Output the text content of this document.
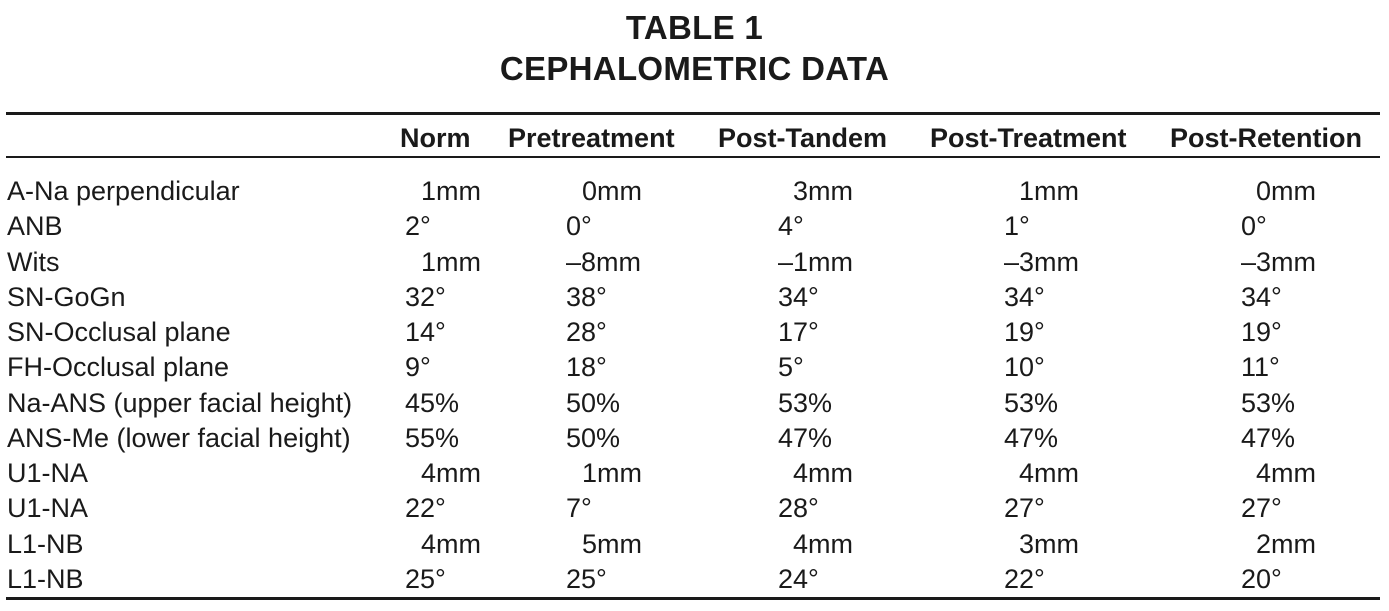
TABLE 1
CEPHALOMETRIC DATA
Norm Pretreatment Post-Tandem Post-Treatment Post-Retention
A-Na perpendicular	1mm	0mm	3mm	1mm	0mm
ANB	2°	0°	4°	1°	0°
Wits	1mm	–8mm	–1mm	–3mm	–3mm
SN-GoGn	32°	38°	34°	34°	34°
SN-Occlusal plane	14°	28°	17°	19°	19°
FH-Occlusal plane	9°	18°	5°	10°	11°
Na-ANS (upper facial height) 45%	50%	53%	53%	53%
ANS-Me (lower facial height) 55%	50%	47%	47%	47%
U1-NA	4mm	1mm	4mm	4mm	4mm
U1-NA	22°	7°	28°	27°	27°
L1-NB	4mm	5mm	4mm	3mm	2mm
L1-NB	25°	25°	24°	22°	20°
